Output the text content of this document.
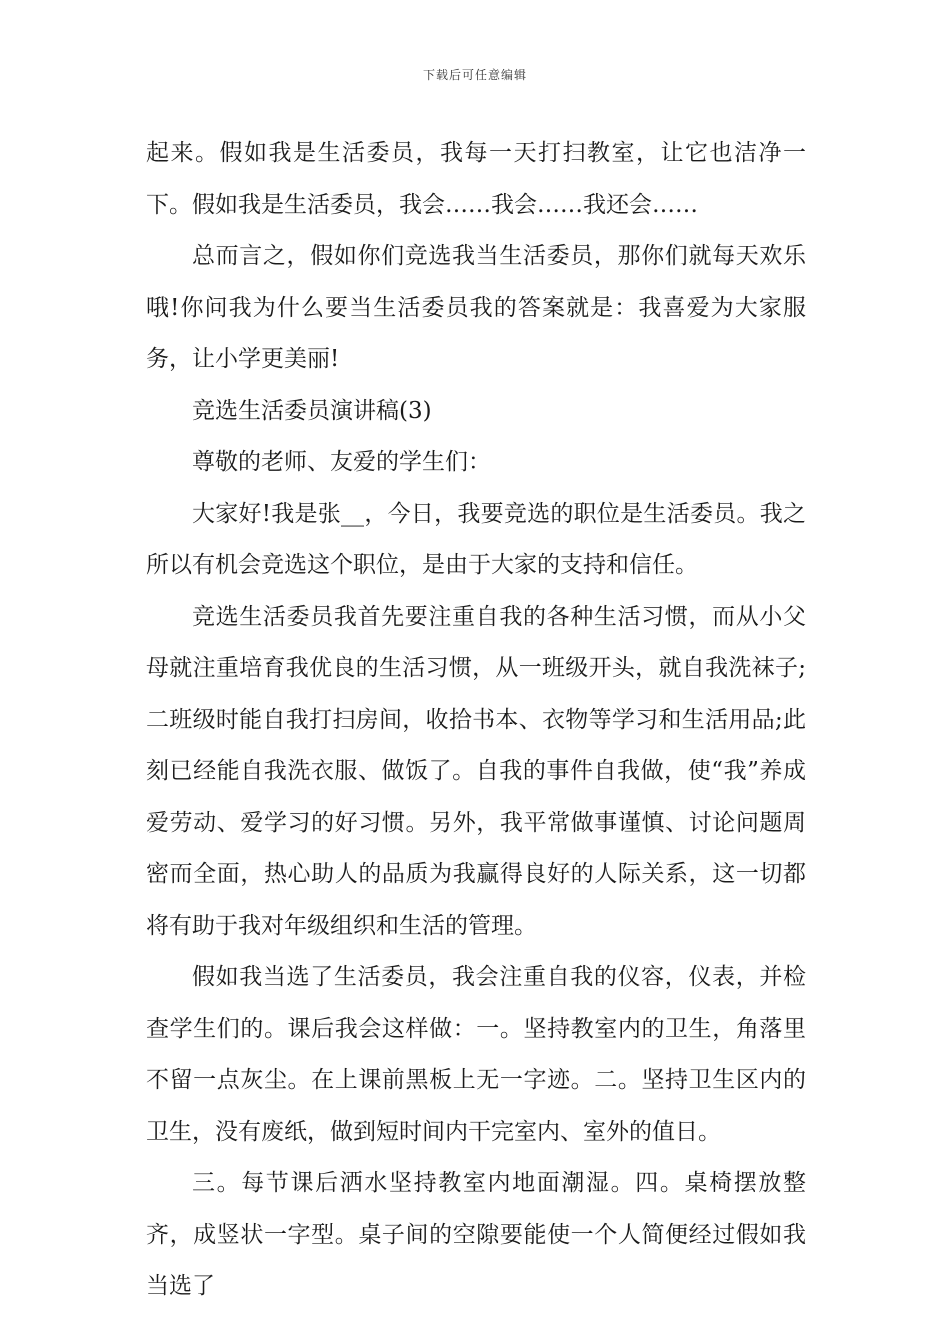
下载后可任意编辑

起来。假如我是生活委员，我每一天打扫教室，让它也洁净一下。假如我是生活委员，我会……我会……我还会……

总而言之，假如你们竞选我当生活委员，那你们就每天欢乐哦!你问我为什么要当生活委员我的答案就是：我喜爱为大家服务，让小学更美丽!

竞选生活委员演讲稿(3)

尊敬的老师、友爱的学生们：

大家好!我是张__，今日，我要竞选的职位是生活委员。我之所以有机会竞选这个职位，是由于大家的支持和信任。

竞选生活委员我首先要注重自我的各种生活习惯，而从小父母就注重培育我优良的生活习惯，从一班级开头，就自我洗袜子;二班级时能自我打扫房间，收拾书本、衣物等学习和生活用品;此刻已经能自我洗衣服、做饭了。自我的事件自我做，使“我”养成爱劳动、爱学习的好习惯。另外，我平常做事谨慎、讨论问题周密而全面，热心助人的品质为我赢得良好的人际关系，这一切都将有助于我对年级组织和生活的管理。

假如我当选了生活委员，我会注重自我的仪容，仪表，并检查学生们的。课后我会这样做：一。坚持教室内的卫生，角落里不留一点灰尘。在上课前黑板上无一字迹。二。坚持卫生区内的卫生，没有废纸，做到短时间内干完室内、室外的值日。

三。每节课后洒水坚持教室内地面潮湿。四。桌椅摆放整齐，成竖状一字型。桌子间的空隙要能使一个人简便经过假如我当选了
